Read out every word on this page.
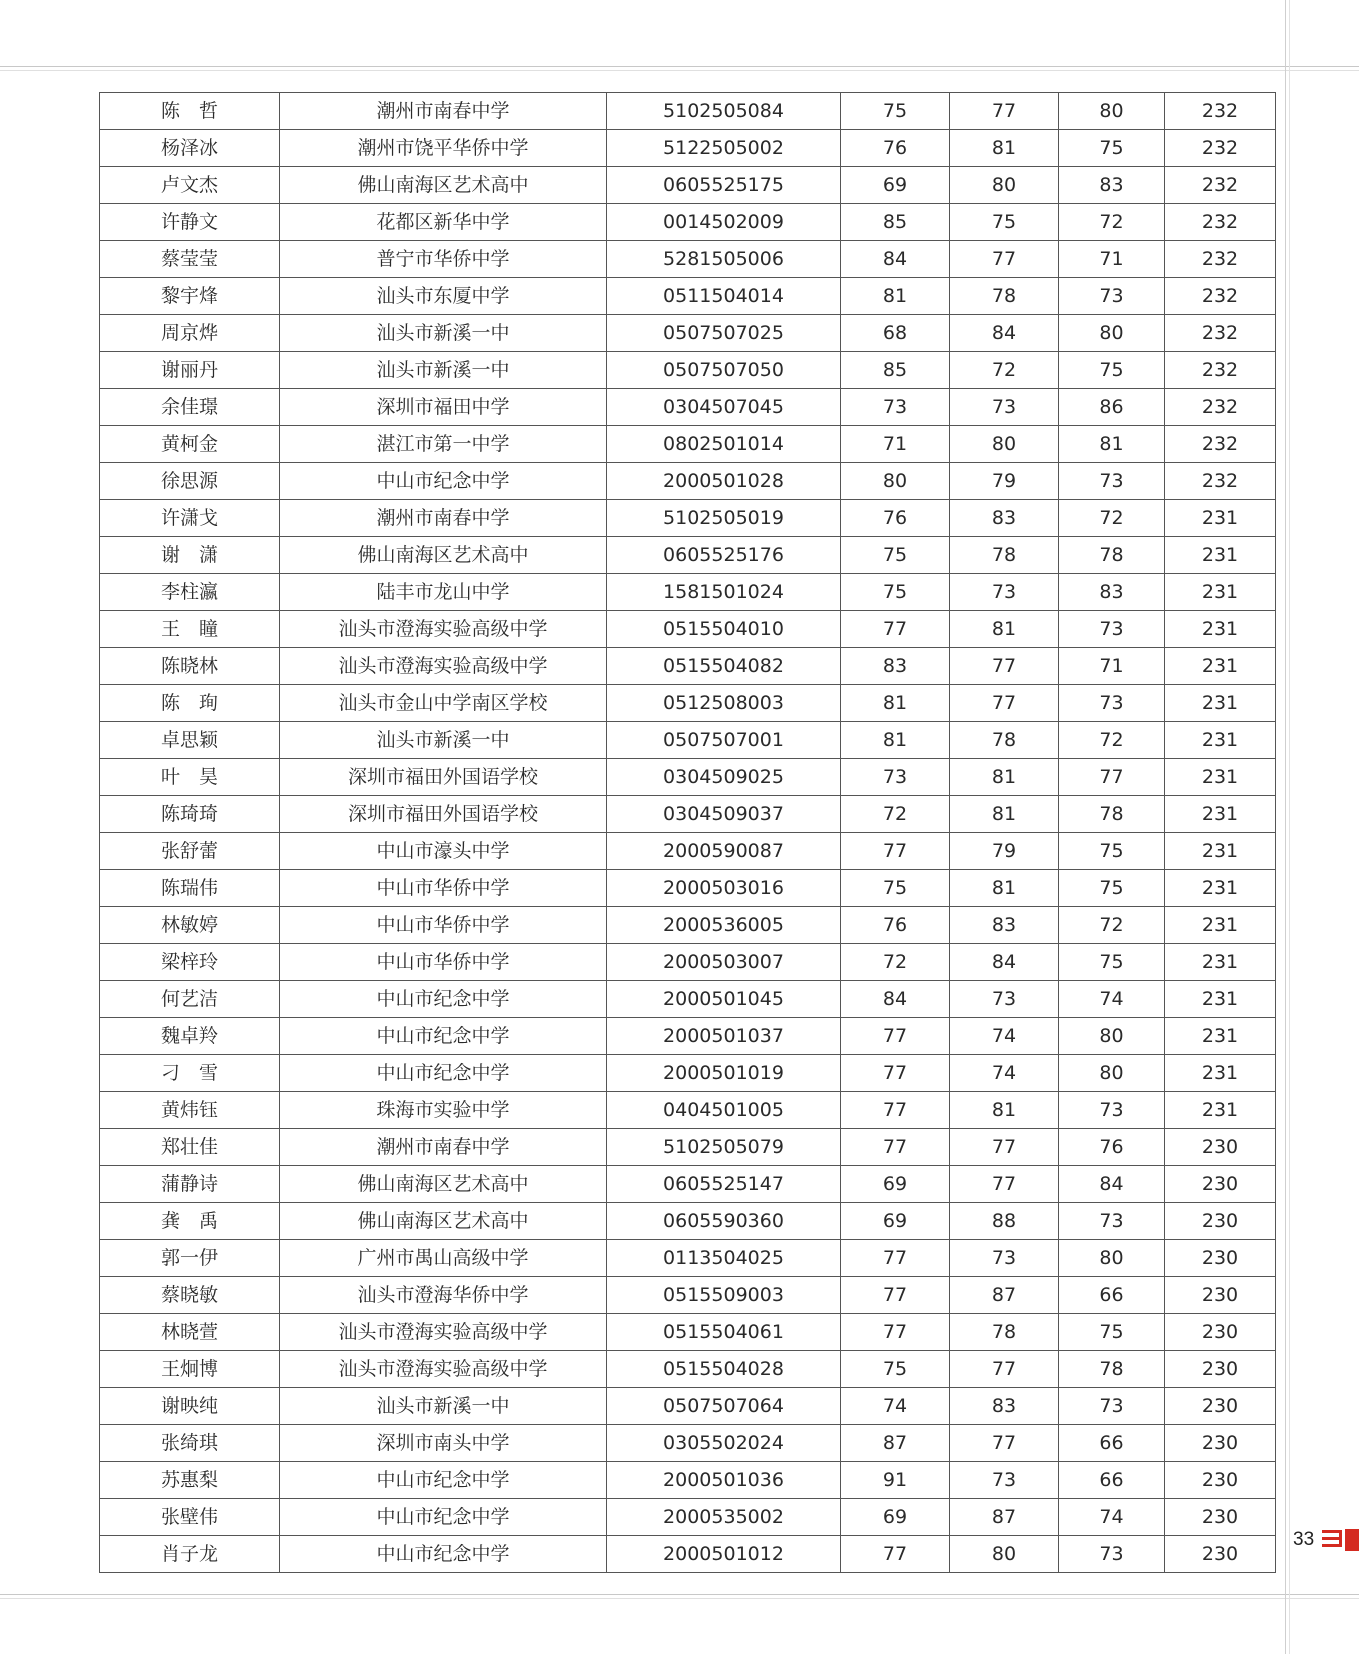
陈　哲	潮州市南春中学	5102505084	75	77	80	232
杨泽冰	潮州市饶平华侨中学	5122505002	76	81	75	232
卢文杰	佛山南海区艺术高中	0605525175	69	80	83	232
许静文	花都区新华中学	0014502009	85	75	72	232
蔡莹莹	普宁市华侨中学	5281505006	84	77	71	232
黎宇烽	汕头市东厦中学	0511504014	81	78	73	232
周京烨	汕头市新溪一中	0507507025	68	84	80	232
谢丽丹	汕头市新溪一中	0507507050	85	72	75	232
余佳璟	深圳市福田中学	0304507045	73	73	86	232
黄柯金	湛江市第一中学	0802501014	71	80	81	232
徐思源	中山市纪念中学	2000501028	80	79	73	232
许潇戈	潮州市南春中学	5102505019	76	83	72	231
谢　潇	佛山南海区艺术高中	0605525176	75	78	78	231
李柱瀛	陆丰市龙山中学	1581501024	75	73	83	231
王　瞳	汕头市澄海实验高级中学	0515504010	77	81	73	231
陈晓林	汕头市澄海实验高级中学	0515504082	83	77	71	231
陈　珣	汕头市金山中学南区学校	0512508003	81	77	73	231
卓思颖	汕头市新溪一中	0507507001	81	78	72	231
叶　昊	深圳市福田外国语学校	0304509025	73	81	77	231
陈琦琦	深圳市福田外国语学校	0304509037	72	81	78	231
张舒蕾	中山市濠头中学	2000590087	77	79	75	231
陈瑞伟	中山市华侨中学	2000503016	75	81	75	231
林敏婷	中山市华侨中学	2000536005	76	83	72	231
梁梓玲	中山市华侨中学	2000503007	72	84	75	231
何艺洁	中山市纪念中学	2000501045	84	73	74	231
魏卓羚	中山市纪念中学	2000501037	77	74	80	231
刁　雪	中山市纪念中学	2000501019	77	74	80	231
黄炜钰	珠海市实验中学	0404501005	77	81	73	231
郑壮佳	潮州市南春中学	5102505079	77	77	76	230
蒲静诗	佛山南海区艺术高中	0605525147	69	77	84	230
龚　禹	佛山南海区艺术高中	0605590360	69	88	73	230
郭一伊	广州市禺山高级中学	0113504025	77	73	80	230
蔡晓敏	汕头市澄海华侨中学	0515509003	77	87	66	230
林晓萱	汕头市澄海实验高级中学	0515504061	77	78	75	230
王炯博	汕头市澄海实验高级中学	0515504028	75	77	78	230
谢映纯	汕头市新溪一中	0507507064	74	83	73	230
张绮琪	深圳市南头中学	0305502024	87	77	66	230
苏惠梨	中山市纪念中学	2000501036	91	73	66	230
张壁伟	中山市纪念中学	2000535002	69	87	74	230
肖子龙	中山市纪念中学	2000501012	77	80	73	230
33
